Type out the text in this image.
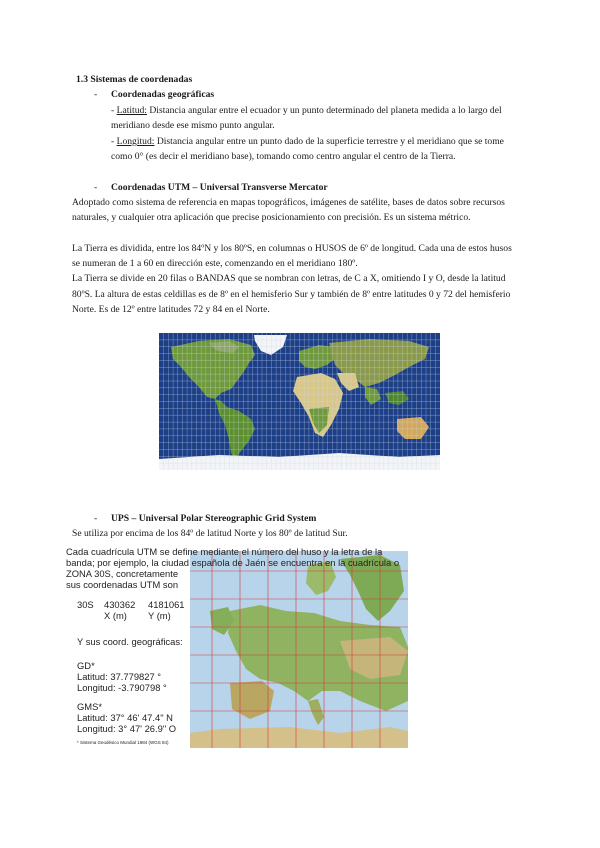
1.3 Sistemas de coordenadas
- Coordenadas geográficas
- Latitud: Distancia angular entre el ecuador y un punto determinado del planeta medida a lo largo del
meridiano desde ese mismo punto angular.
- Longitud: Distancia angular entre un punto dado de la superficie terrestre y el meridiano que se tome
como 0° (es decir el meridiano base), tomando como centro angular el centro de la Tierra.
- Coordenadas UTM – Universal Transverse Mercator
Adoptado como sistema de referencia en mapas topográficos, imágenes de satélite, bases de datos sobre recursos
naturales, y cualquier otra aplicación que precise posicionamiento con precisión. Es un sistema métrico.
La Tierra es dividida, entre los 84ºN y los 80ºS, en columnas o HUSOS de 6º de longitud. Cada una de estos husos
se numeran de 1 a 60 en dirección este, comenzando en el meridiano 180º.
La Tierra se divide en 20 filas o BANDAS que se nombran con letras, de C a X, omitiendo I y O, desde la latitud
80ºS. La altura de estas celdillas es de 8º en el hemisferio Sur y también de 8º entre latitudes 0 y 72 del hemisferio
Norte. Es de 12º entre latitudes 72 y 84 en el Norte.
- UPS – Universal Polar Stereographic Grid System
Se utiliza por encima de los 84º de latitud Norte y los 80º de latitud Sur.
Cada cuadrícula UTM se define mediante el número del huso y la letra de la
banda; por ejemplo, la ciudad española de Jaén se encuentra en la cuadrícula o
ZONA 30S, concretamente
sus coordenadas UTM son
30S 430362 4181061
X (m) Y (m)
Y sus coord. geográficas:
GD*
Latitud: 37.779827 °
Longitud: -3.790798 °
GMS*
Latitud: 37° 46' 47.4" N
Longitud: 3° 47' 26.9" O
* Sistema Geodésico Mundial 1984 (WGS 84)
